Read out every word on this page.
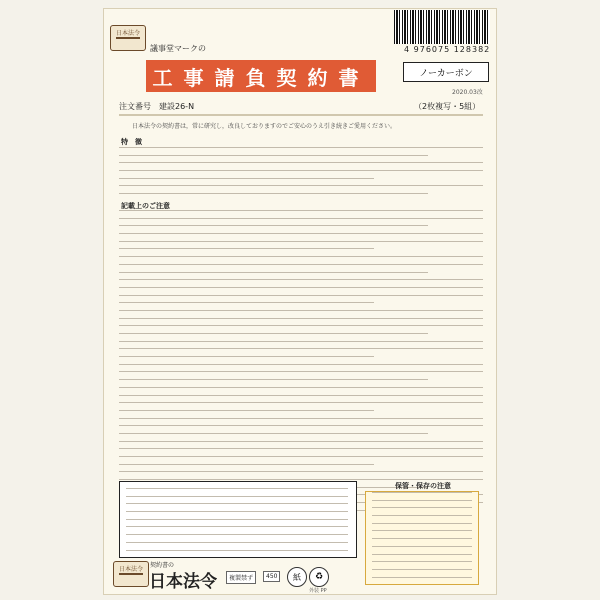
日本法令
議事堂マークの	4 976075 128382
工事請負契約書	ノーカーボン
2020.03改
注文番号　建設26-N	（2枚複写・5組）
日本法令の契約書は，常に研究し，改良しておりますのでご安心のうえ引き続きご愛用ください。
特　徴
記載上のご注意
保管・保存の注意
日本法令
契約書の
日本法令	複製禁ず	450	紙	♻
外装 PP
